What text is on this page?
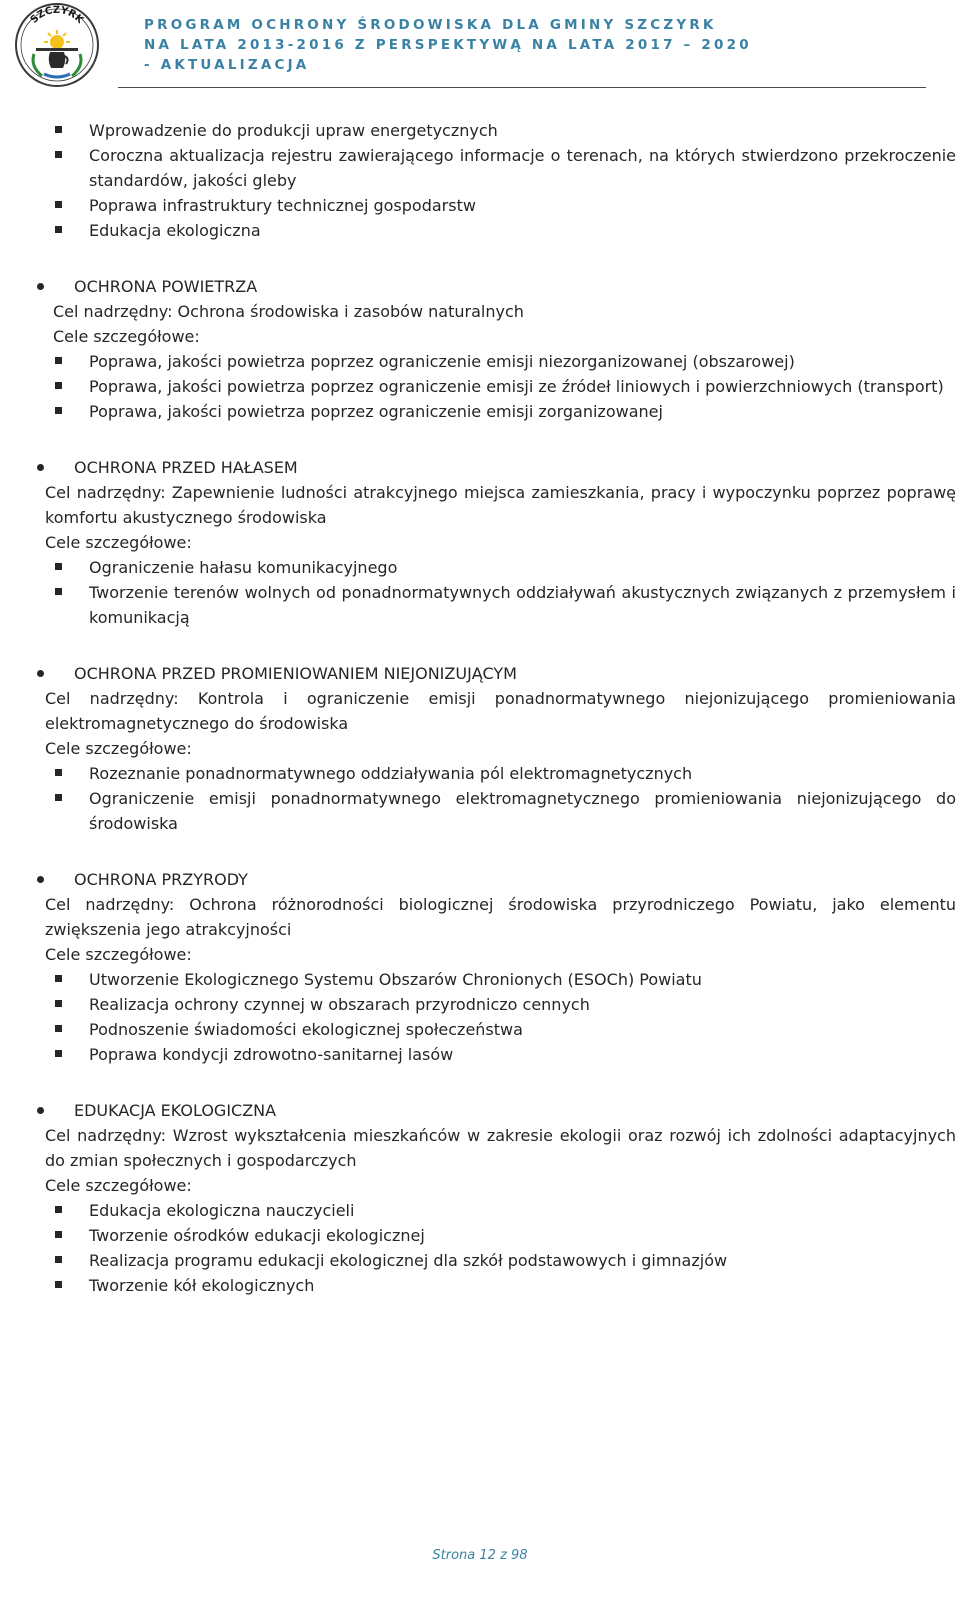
SZCZYRK	PROGRAM OCHRONY ŚRODOWISKA DLA GMINY SZCZYRK
NA LATA 2013-2016 Z PERSPEKTYWĄ NA LATA 2017 – 2020
- AKTUALIZACJA

Wprowadzenie do produkcji upraw energetycznych

Coroczna aktualizacja rejestru zawierającego informacje o terenach, na których stwierdzono przekroczenie standardów, jakości gleby

Poprawa infrastruktury technicznej gospodarstw

Edukacja ekologiczna

OCHRONA POWIETRZA

Cel nadrzędny: Ochrona środowiska i zasobów naturalnych

Cele szczegółowe:

Poprawa, jakości powietrza poprzez ograniczenie emisji niezorganizowanej (obszarowej)

Poprawa, jakości powietrza poprzez ograniczenie emisji ze źródeł liniowych i powierzchniowych (transport)

Poprawa, jakości powietrza poprzez ograniczenie emisji zorganizowanej

OCHRONA PRZED HAŁASEM

Cel nadrzędny: Zapewnienie ludności atrakcyjnego miejsca zamieszkania, pracy i wypoczynku poprzez poprawę komfortu akustycznego środowiska

Cele szczegółowe:

Ograniczenie hałasu komunikacyjnego

Tworzenie terenów wolnych od ponadnormatywnych oddziaływań akustycznych związanych z przemysłem i komunikacją

OCHRONA PRZED PROMIENIOWANIEM NIEJONIZUJĄCYM

Cel nadrzędny: Kontrola i ograniczenie emisji ponadnormatywnego niejonizującego promieniowania elektromagnetycznego do środowiska

Cele szczegółowe:

Rozeznanie ponadnormatywnego oddziaływania pól elektromagnetycznych

Ograniczenie emisji ponadnormatywnego elektromagnetycznego promieniowania niejonizującego do środowiska

OCHRONA PRZYRODY

Cel nadrzędny: Ochrona różnorodności biologicznej środowiska przyrodniczego Powiatu, jako elementu zwiększenia jego atrakcyjności

Cele szczegółowe:

Utworzenie Ekologicznego Systemu Obszarów Chronionych (ESOCh) Powiatu

Realizacja ochrony czynnej w obszarach przyrodniczo cennych

Podnoszenie świadomości ekologicznej społeczeństwa

Poprawa kondycji zdrowotno-sanitarnej lasów

EDUKACJA EKOLOGICZNA

Cel nadrzędny: Wzrost wykształcenia mieszkańców w zakresie ekologii oraz rozwój ich zdolności adaptacyjnych do zmian społecznych i gospodarczych

Cele szczegółowe:

Edukacja ekologiczna nauczycieli

Tworzenie ośrodków edukacji ekologicznej

Realizacja programu edukacji ekologicznej dla szkół podstawowych i gimnazjów

Tworzenie kół ekologicznych

Strona 12 z 98
